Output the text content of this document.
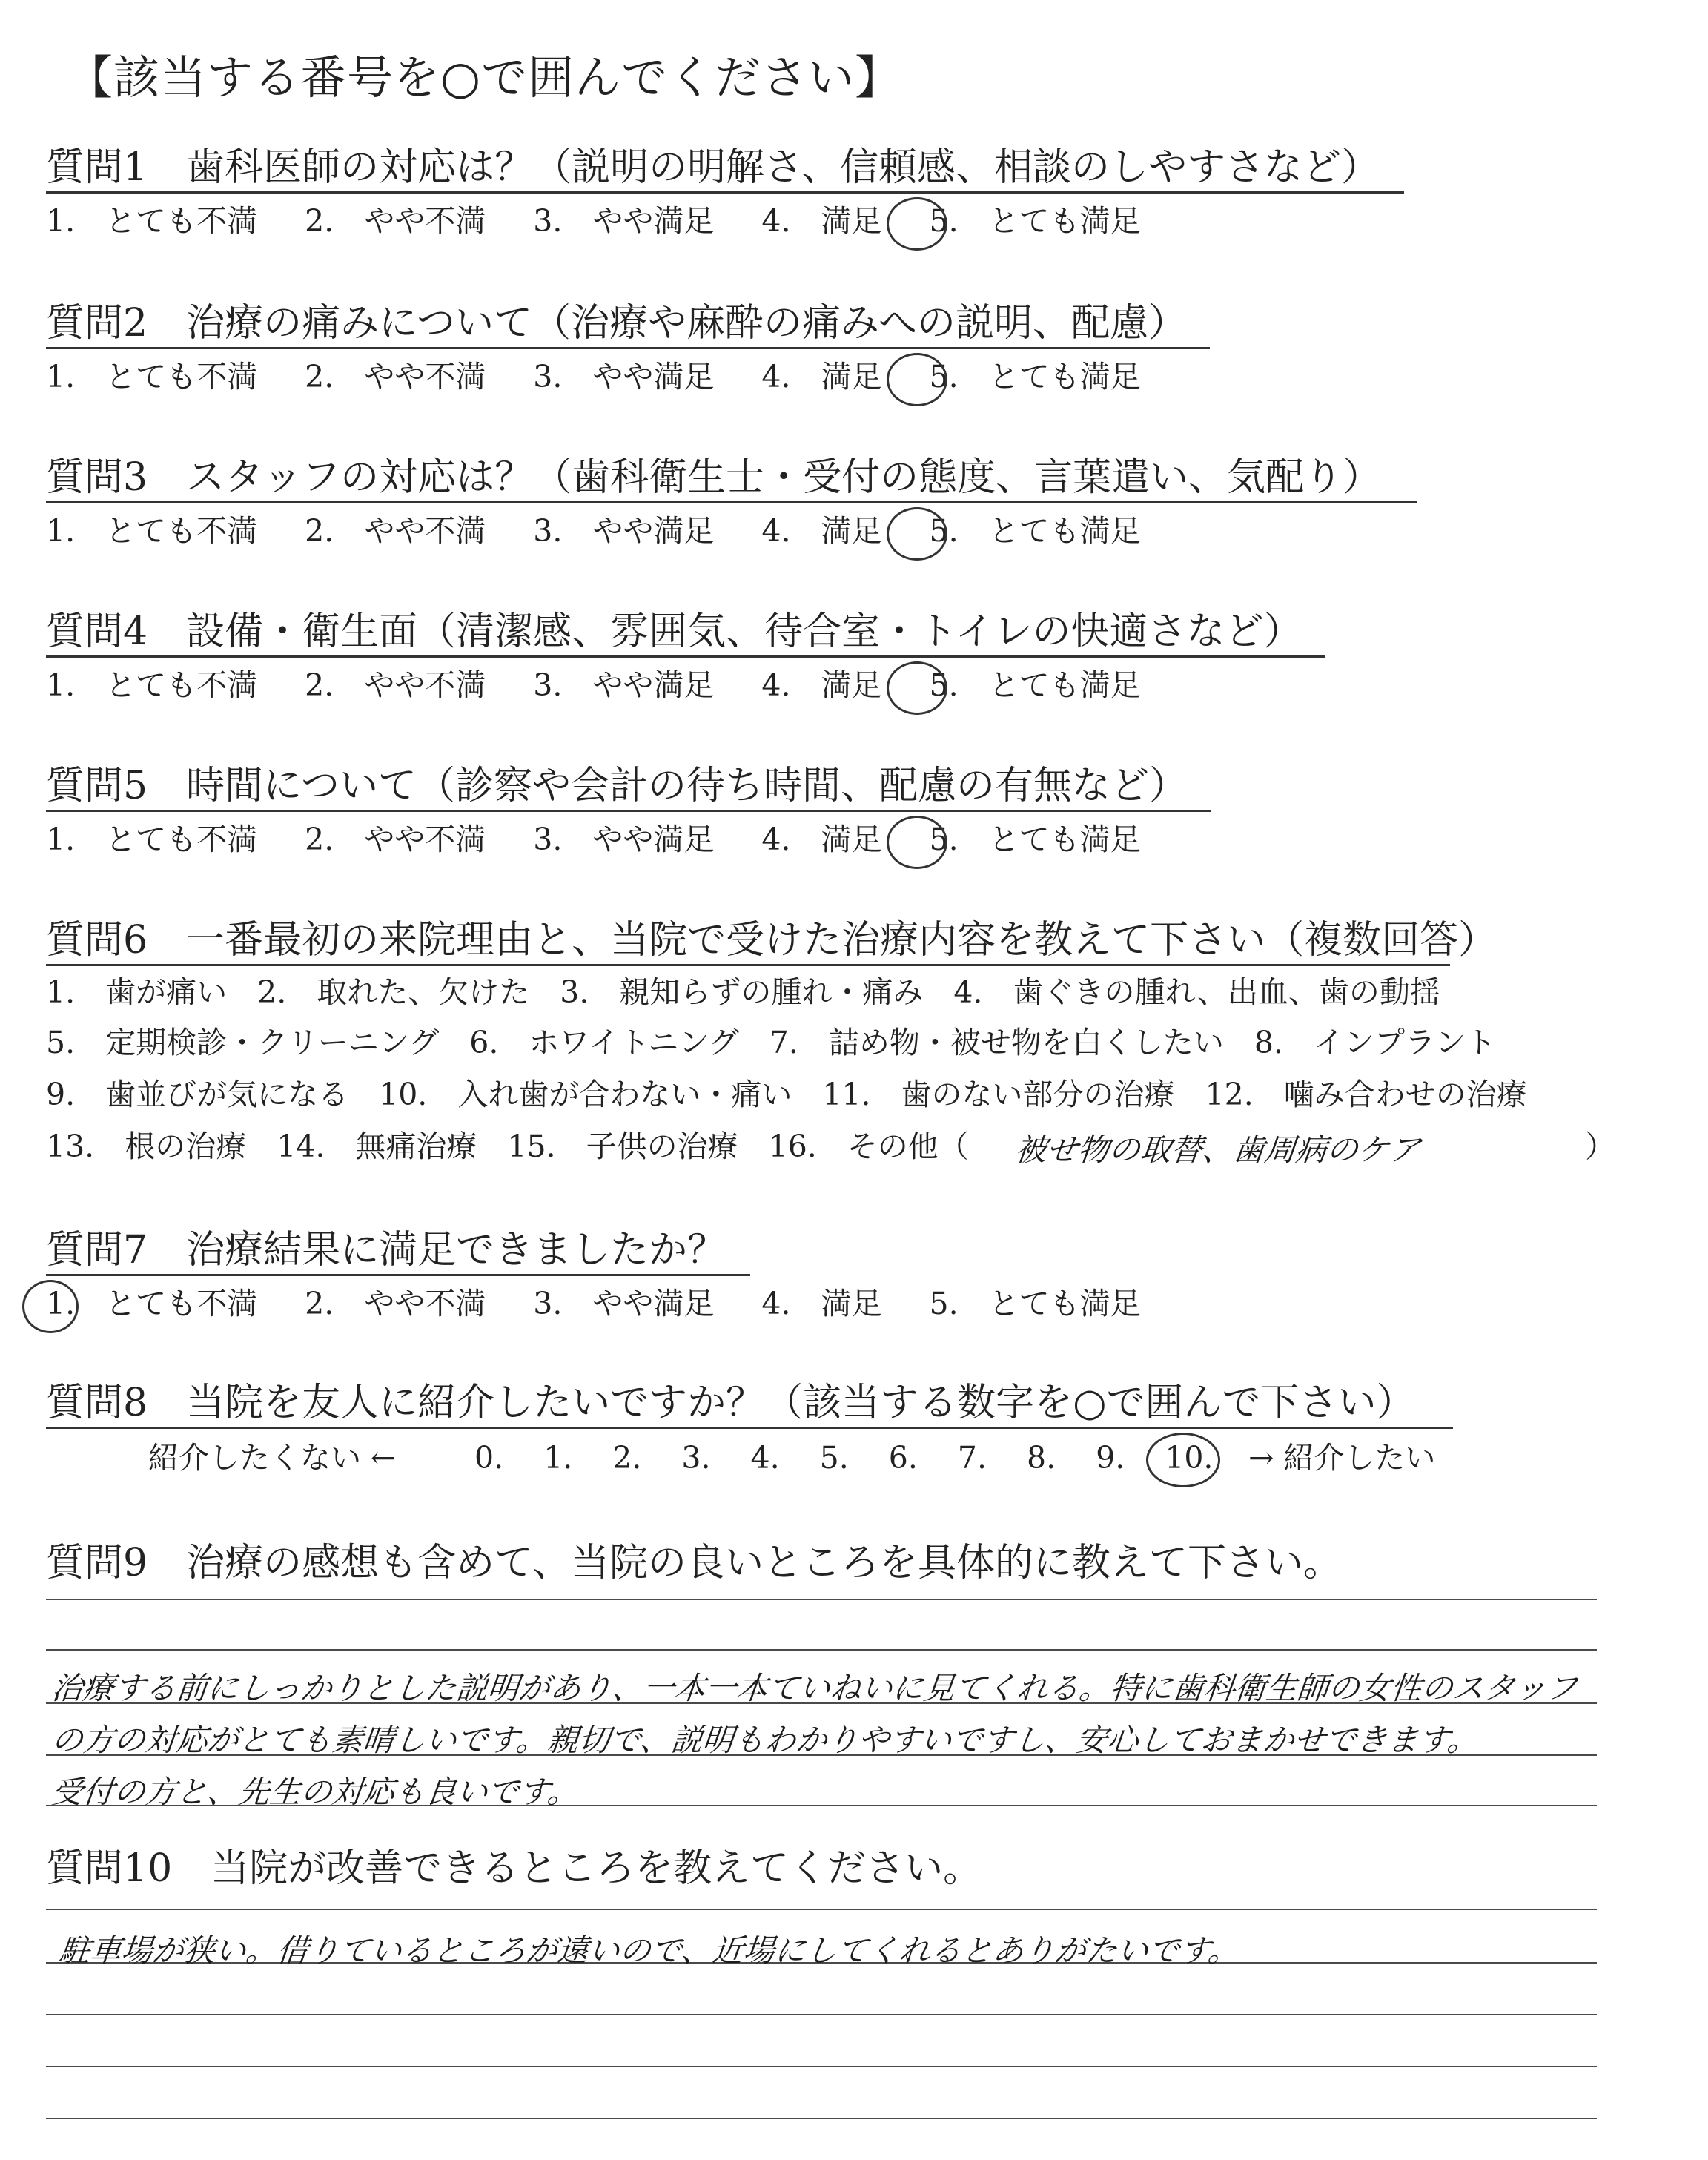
【該当する番号を○で囲んでください】
質問1　歯科医師の対応は？（説明の明解さ、信頼感、相談のしやすさなど）
1.　とても不満 2.　やや不満 3.　やや満足 4.　満足 5.　とても満足
質問2　治療の痛みについて（治療や麻酔の痛みへの説明、配慮）
1.　とても不満 2.　やや不満 3.　やや満足 4.　満足 5.　とても満足
質問3　スタッフの対応は？（歯科衛生士・受付の態度、言葉遣い、気配り）
1.　とても不満 2.　やや不満 3.　やや満足 4.　満足 5.　とても満足
質問4　設備・衛生面（清潔感、雰囲気、待合室・トイレの快適さなど）
1.　とても不満 2.　やや不満 3.　やや満足 4.　満足 5.　とても満足
質問5　時間について（診察や会計の待ち時間、配慮の有無など）
1.　とても不満 2.　やや不満 3.　やや満足 4.　満足 5.　とても満足
質問6　一番最初の来院理由と、当院で受けた治療内容を教えて下さい（複数回答）
1.　歯が痛い　2.　取れた、欠けた　3.　親知らずの腫れ・痛み　4.　歯ぐきの腫れ、出血、歯の動揺
5.　定期検診・クリーニング　6.　ホワイトニング　7.　詰め物・被せ物を白くしたい　8.　インプラント
9.　歯並びが気になる　10.　入れ歯が合わない・痛い　11.　歯のない部分の治療　12.　噛み合わせの治療
13.　根の治療　14.　無痛治療　15.　子供の治療　16.　その他（ 被せ物の取替、歯周病のケア	）
質問7　治療結果に満足できましたか？
1.　とても不満 2.　やや不満 3.　やや満足 4.　満足 5.　とても満足
質問8　当院を友人に紹介したいですか？（該当する数字を○で囲んで下さい）
紹介したくない ←	0. 1. 2. 3. 4. 5. 6. 7. 8. 9. 10. → 紹介したい
質問9　治療の感想も含めて、当院の良いところを具体的に教えて下さい。
治療する前にしっかりとした説明があり、一本一本ていねいに見てくれる。特に歯科衛生師の女性のスタッフ
の方の対応がとても素晴しいです。親切で、説明もわかりやすいですし、安心しておまかせできます。
受付の方と、先生の対応も良いです。
質問10　当院が改善できるところを教えてください。
駐車場が狭い。借りているところが遠いので、近場にしてくれるとありがたいです。
